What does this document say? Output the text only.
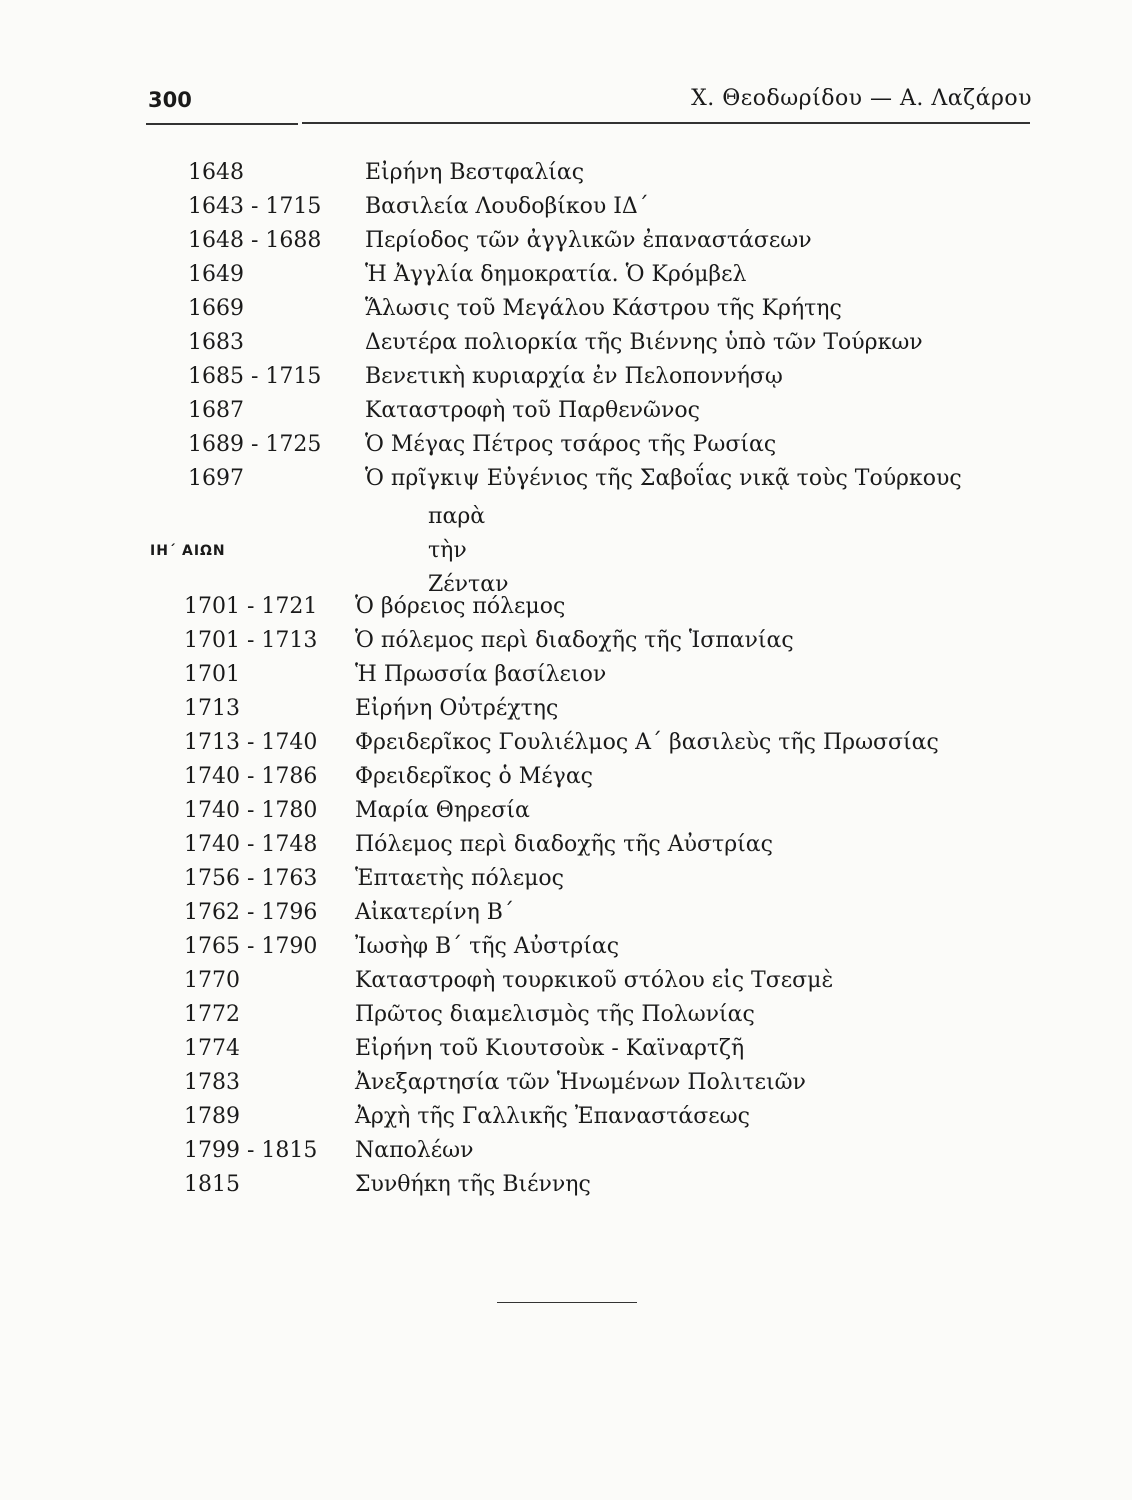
300	Χ. Θεοδωρίδου — Α. Λαζάρου
1648	Εἰρήνη Βεστφαλίας
1643 - 1715 Βασιλεία Λουδοβίκου ΙΔ΄
1648 - 1688 Περίοδος τῶν ἀγγλικῶν ἐπαναστάσεων
1649	Ἡ Ἀγγλία δημοκρατία. Ὁ Κρόμβελ
1669	Ἅλωσις τοῦ Μεγάλου Κάστρου τῆς Κρήτης
1683	Δευτέρα πολιορκία τῆς Βιέννης ὑπὸ τῶν Τούρκων
1685 - 1715 Βενετικὴ κυριαρχία ἐν Πελοποννήσῳ
1687	Καταστροφὴ τοῦ Παρθενῶνος
1689 - 1725 Ὁ Μέγας Πέτρος τσάρος τῆς Ρωσίας
1697	Ὁ πρῖγκιψ Εὐγένιος τῆς Σαβοΐας νικᾷ τοὺς Τούρκους
παρὰ τὴν Ζένταν
ΙΗ΄ ΑΙΩΝ
1701 - 1721 Ὁ βόρειος πόλεμος
1701 - 1713 Ὁ πόλεμος περὶ διαδοχῆς τῆς Ἱσπανίας
1701	Ἡ Πρωσσία βασίλειον
1713	Εἰρήνη Οὐτρέχτης
1713 - 1740 Φρειδερῖκος Γουλιέλμος Α΄ βασιλεὺς τῆς Πρωσσίας
1740 - 1786 Φρειδερῖκος ὁ Μέγας
1740 - 1780 Μαρία Θηρεσία
1740 - 1748 Πόλεμος περὶ διαδοχῆς τῆς Αὐστρίας
1756 - 1763 Ἑπταετὴς πόλεμος
1762 - 1796 Αἰκατερίνη Β΄
1765 - 1790 Ἰωσὴφ Β΄ τῆς Αὐστρίας
1770	Καταστροφὴ τουρκικοῦ στόλου εἰς Τσεσμὲ
1772	Πρῶτος διαμελισμὸς τῆς Πολωνίας
1774	Εἰρήνη τοῦ Κιουτσοὺκ - Καϊναρτζῆ
1783	Ἀνεξαρτησία τῶν Ἡνωμένων Πολιτειῶν
1789	Ἀρχὴ τῆς Γαλλικῆς Ἐπαναστάσεως
1799 - 1815 Ναπολέων
1815	Συνθήκη τῆς Βιέννης
